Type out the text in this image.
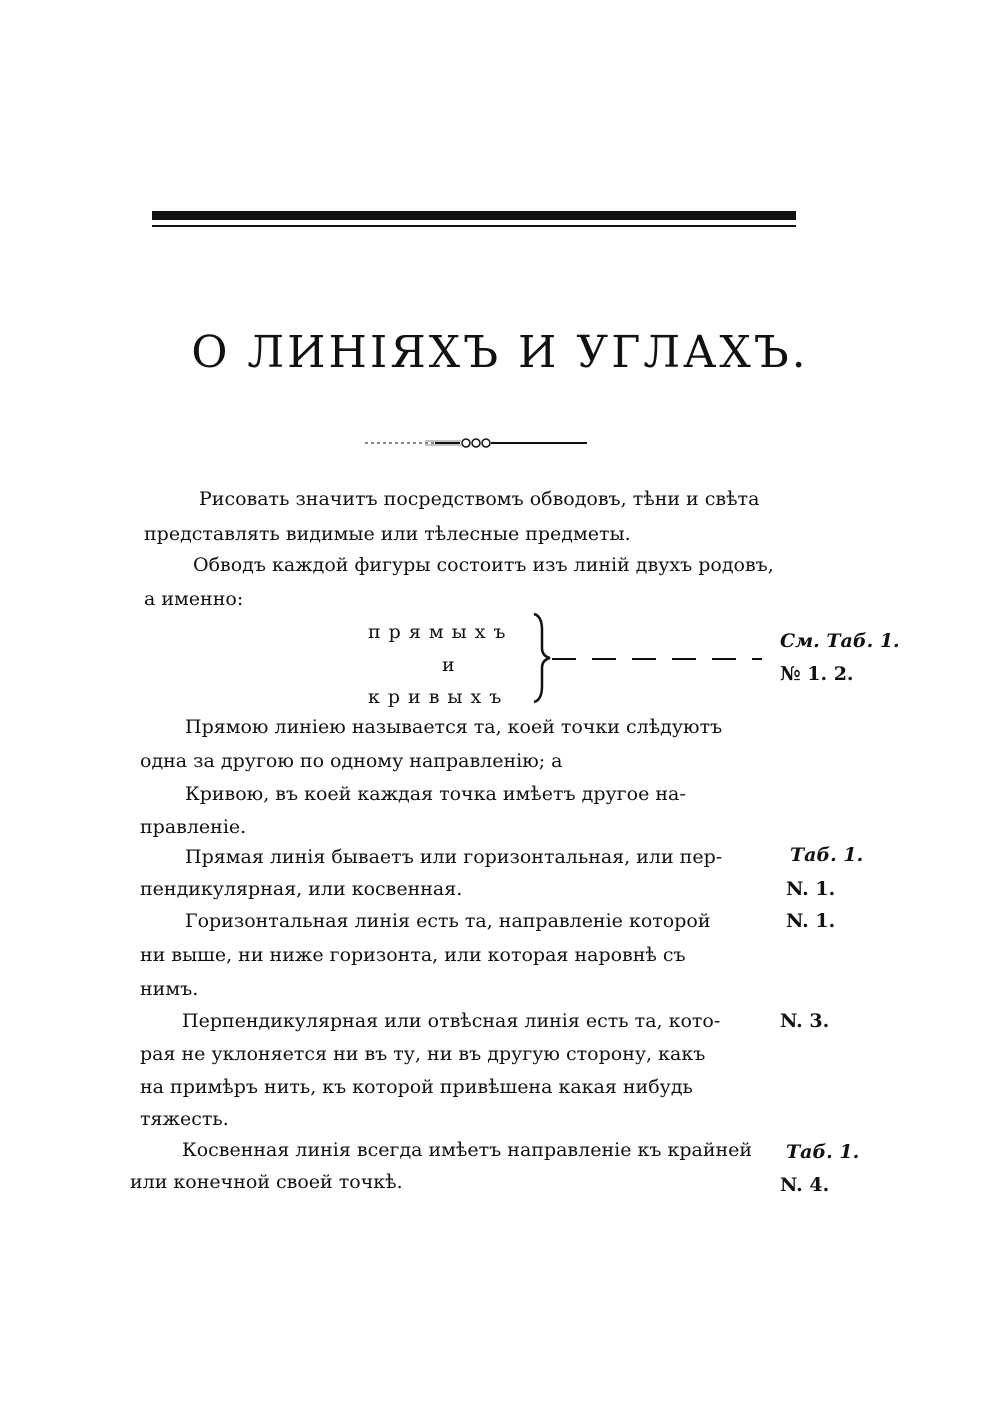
О ЛИНІЯХЪ И УГЛАХЪ.
Рисовать значитъ посредствомъ обводовъ, тѣни и свѣта
представлять видимые или тѣлесные предметы.
Обводъ каждой фигуры состоитъ изъ линій двухъ родовъ,
а именно:
прямыхъ
и
кривыхъ
См. Таб. 1.
№ 1. 2.
Прямою линіею называется та, коей точки слѣдуютъ
одна за другою по одному направленію; а
Кривою, въ коей каждая точка имѣетъ другое на-
правленіе.
Прямая линія бываетъ или горизонтальная, или пер-
пендикулярная, или косвенная.
Таб. 1.
N. 1.
Горизонтальная линія есть та, направленіе которой
ни выше, ни ниже горизонта, или которая наровнѣ съ
нимъ.
N. 1.
Перпендикулярная или отвѣсная линія есть та, кото-
рая не уклоняется ни въ ту, ни въ другую сторону, какъ
на примѣръ нить, къ которой привѣшена какая нибудь
тяжесть.
N. 3.
Косвенная линія всегда имѣетъ направленіе къ крайней
или конечной своей точкѣ.
Таб. 1.
N. 4.
